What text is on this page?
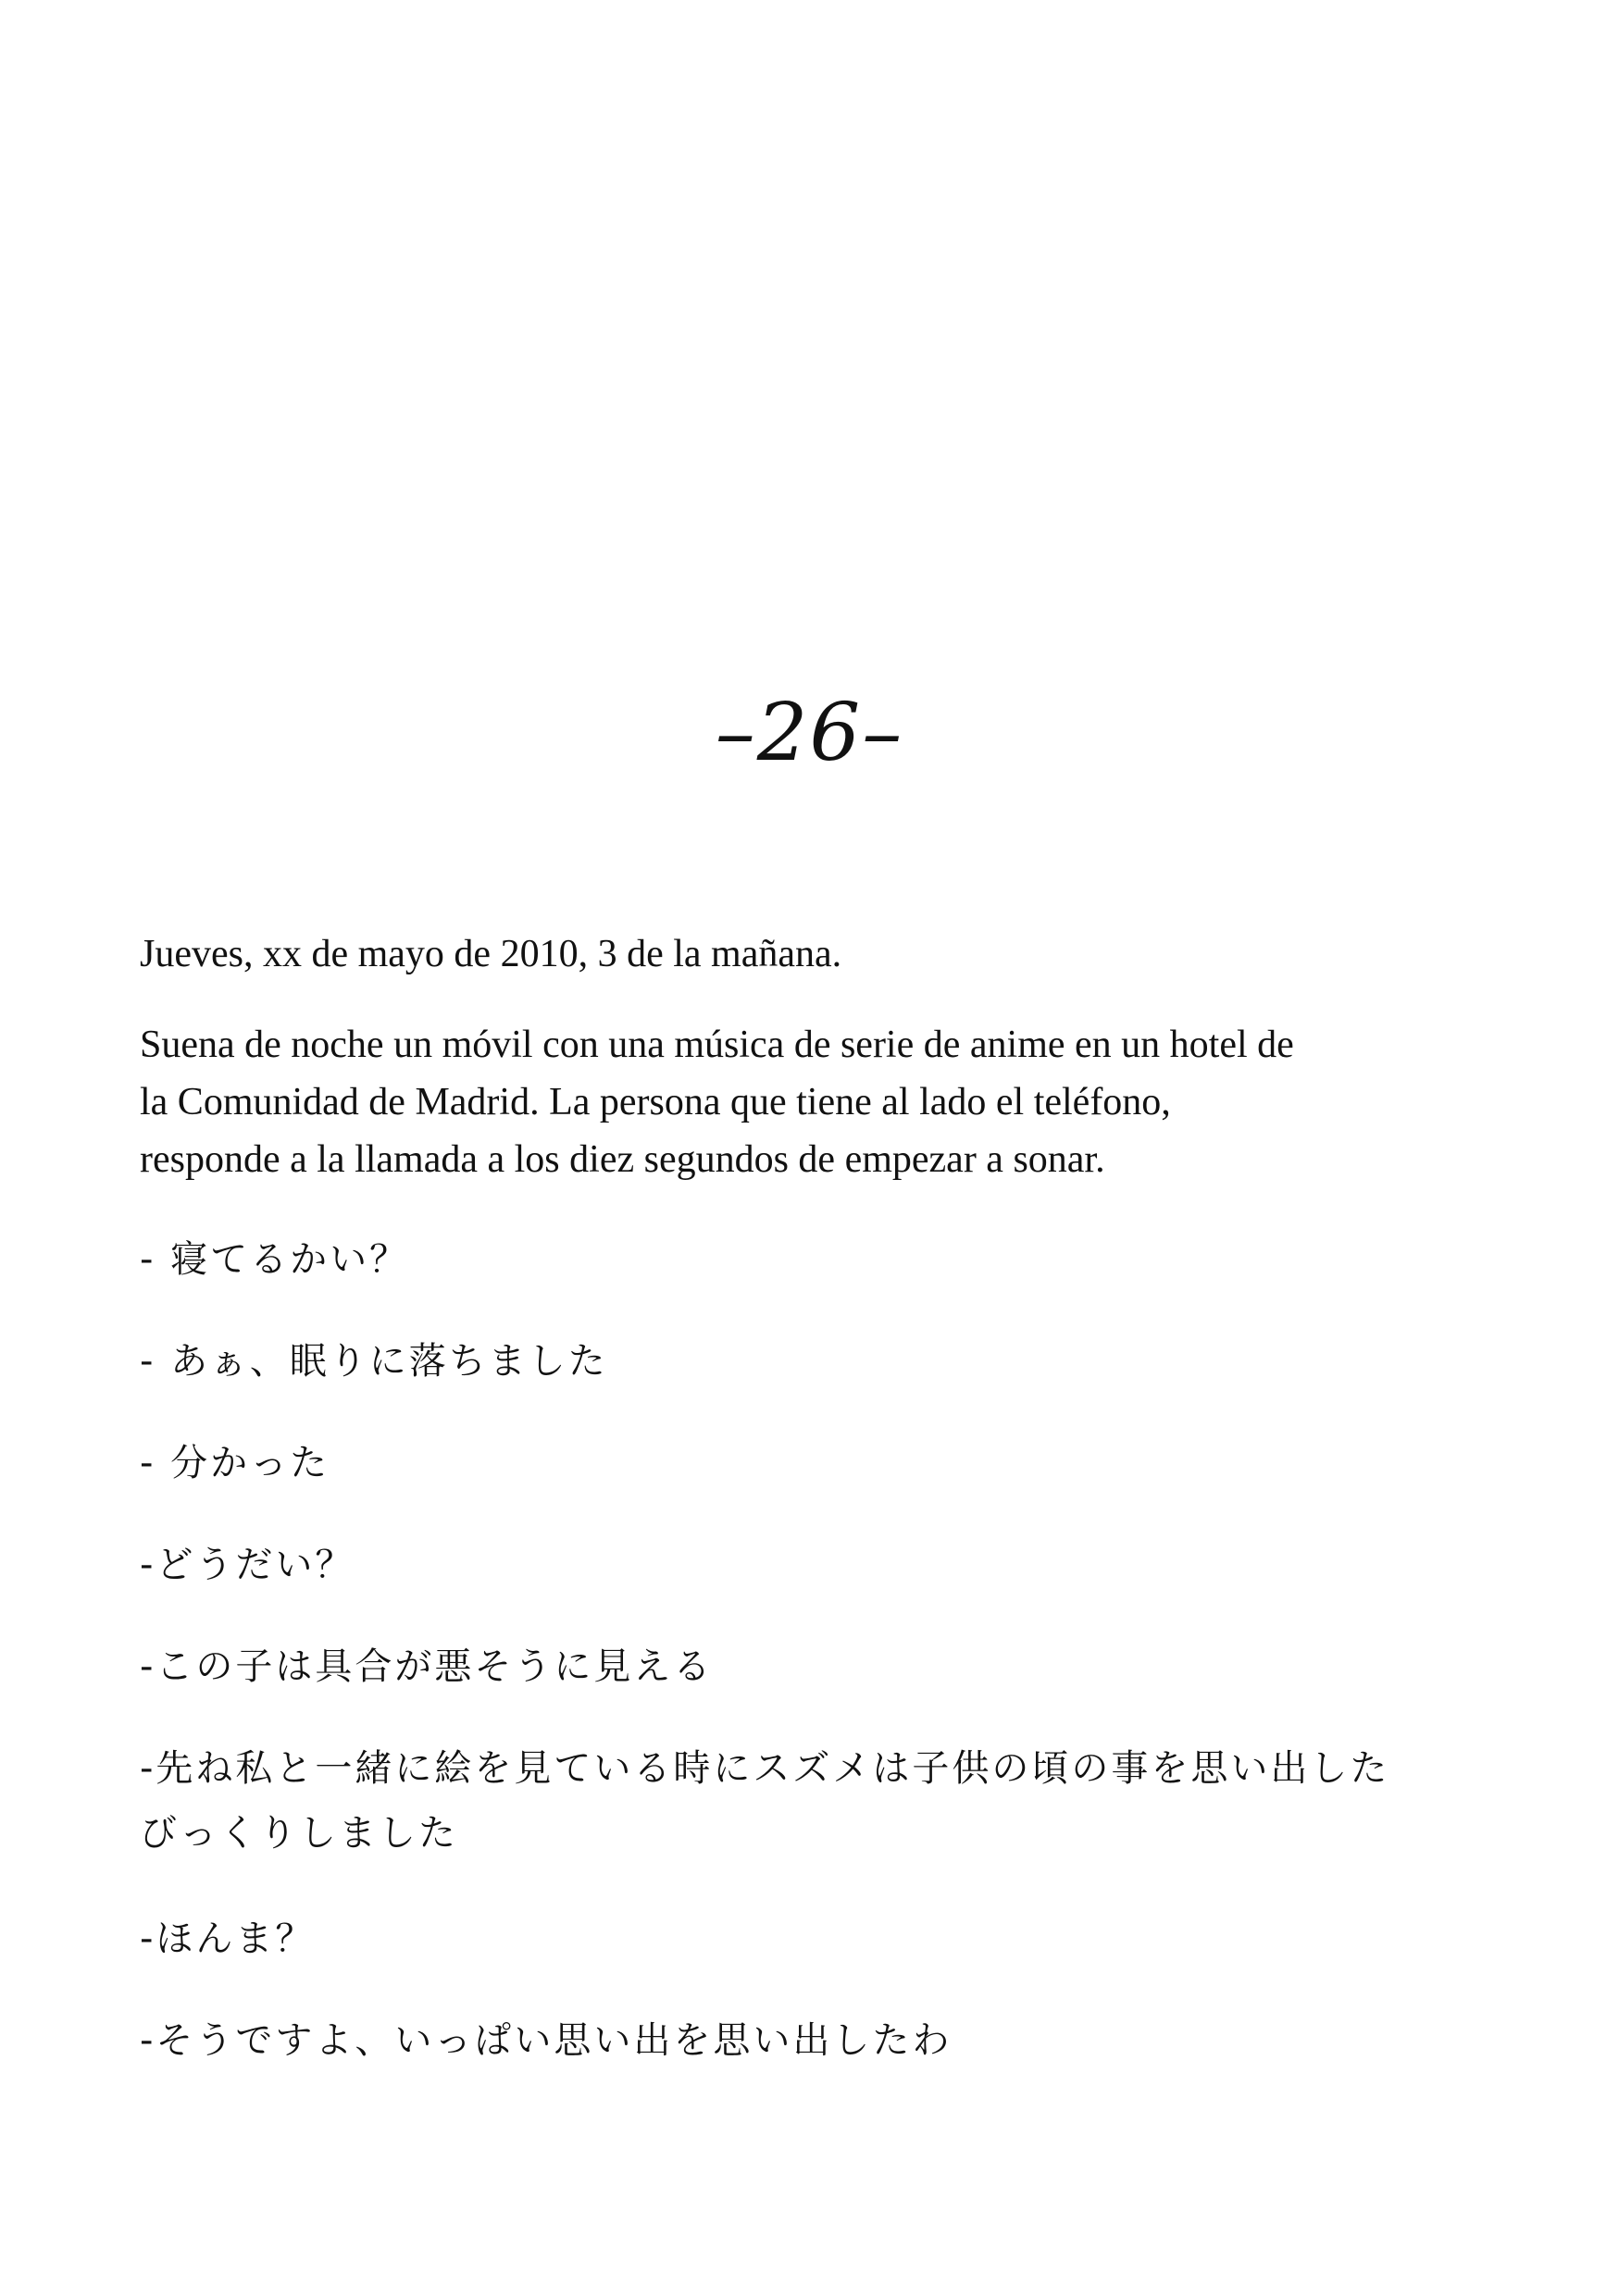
–26–

Jueves, xx de mayo de 2010, 3 de la mañana.

Suena de noche un móvil con una música de serie de anime en un hotel de
la Comunidad de Madrid. La persona que tiene al lado el teléfono,
responde a la llamada a los diez segundos de empezar a sonar.

- 寝てるかい？

- あぁ、眠りに落ちました

- 分かった

-どうだい？

-この子は具合が悪そうに見える

-先ね私と一緒に絵を見ている時にスズメは子供の頃の事を思い出した
びっくりしました

-ほんま？

-そうですよ、いっぱい思い出を思い出したわ
